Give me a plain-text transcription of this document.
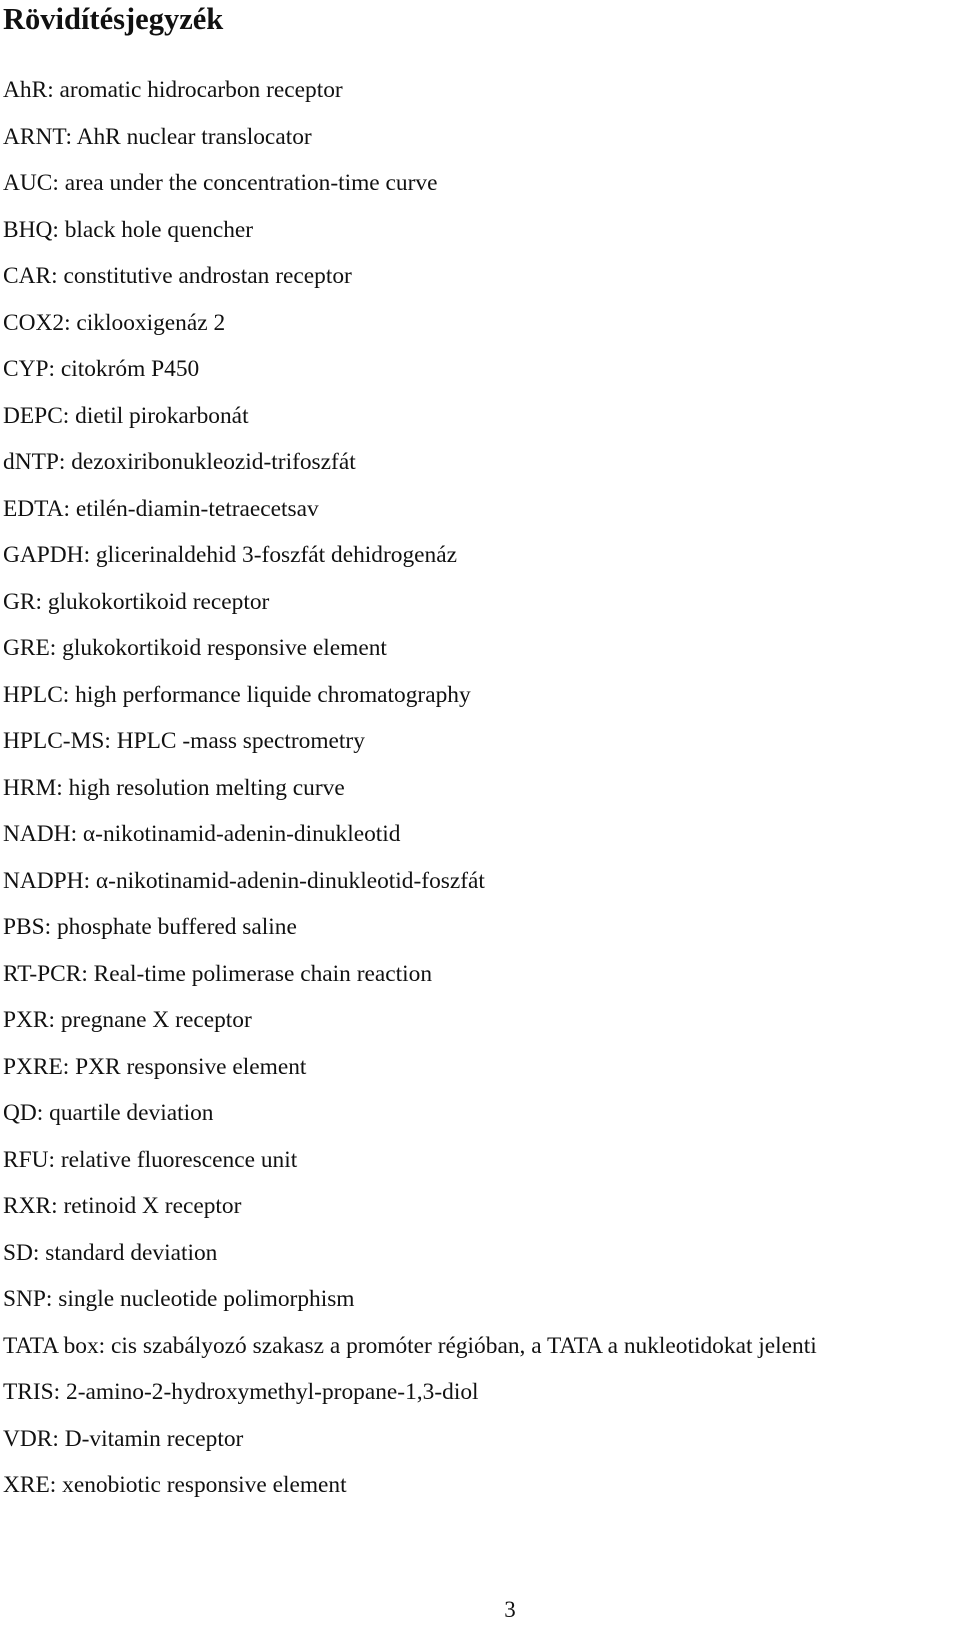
Rövidítésjegyzék
AhR: aromatic hidrocarbon receptor
ARNT: AhR nuclear translocator
AUC: area under the concentration-time curve
BHQ: black hole quencher
CAR: constitutive androstan receptor
COX2: ciklooxigenáz 2
CYP: citokróm P450
DEPC: dietil pirokarbonát
dNTP: dezoxiribonukleozid-trifoszfát
EDTA: etilén-diamin-tetraecetsav
GAPDH: glicerinaldehid 3-foszfát dehidrogenáz
GR: glukokortikoid receptor
GRE: glukokortikoid responsive element
HPLC: high performance liquide chromatography
HPLC-MS: HPLC -mass spectrometry
HRM: high resolution melting curve
NADH: α-nikotinamid-adenin-dinukleotid
NADPH: α-nikotinamid-adenin-dinukleotid-foszfát
PBS: phosphate buffered saline
RT-PCR: Real-time polimerase chain reaction
PXR: pregnane X receptor
PXRE: PXR responsive element
QD: quartile deviation
RFU: relative fluorescence unit
RXR: retinoid X receptor
SD: standard deviation
SNP: single nucleotide polimorphism
TATA box: cis szabályozó szakasz a promóter régióban, a TATA a nukleotidokat jelenti
TRIS: 2-amino-2-hydroxymethyl-propane-1,3-diol
VDR: D-vitamin receptor
XRE: xenobiotic responsive element
3
